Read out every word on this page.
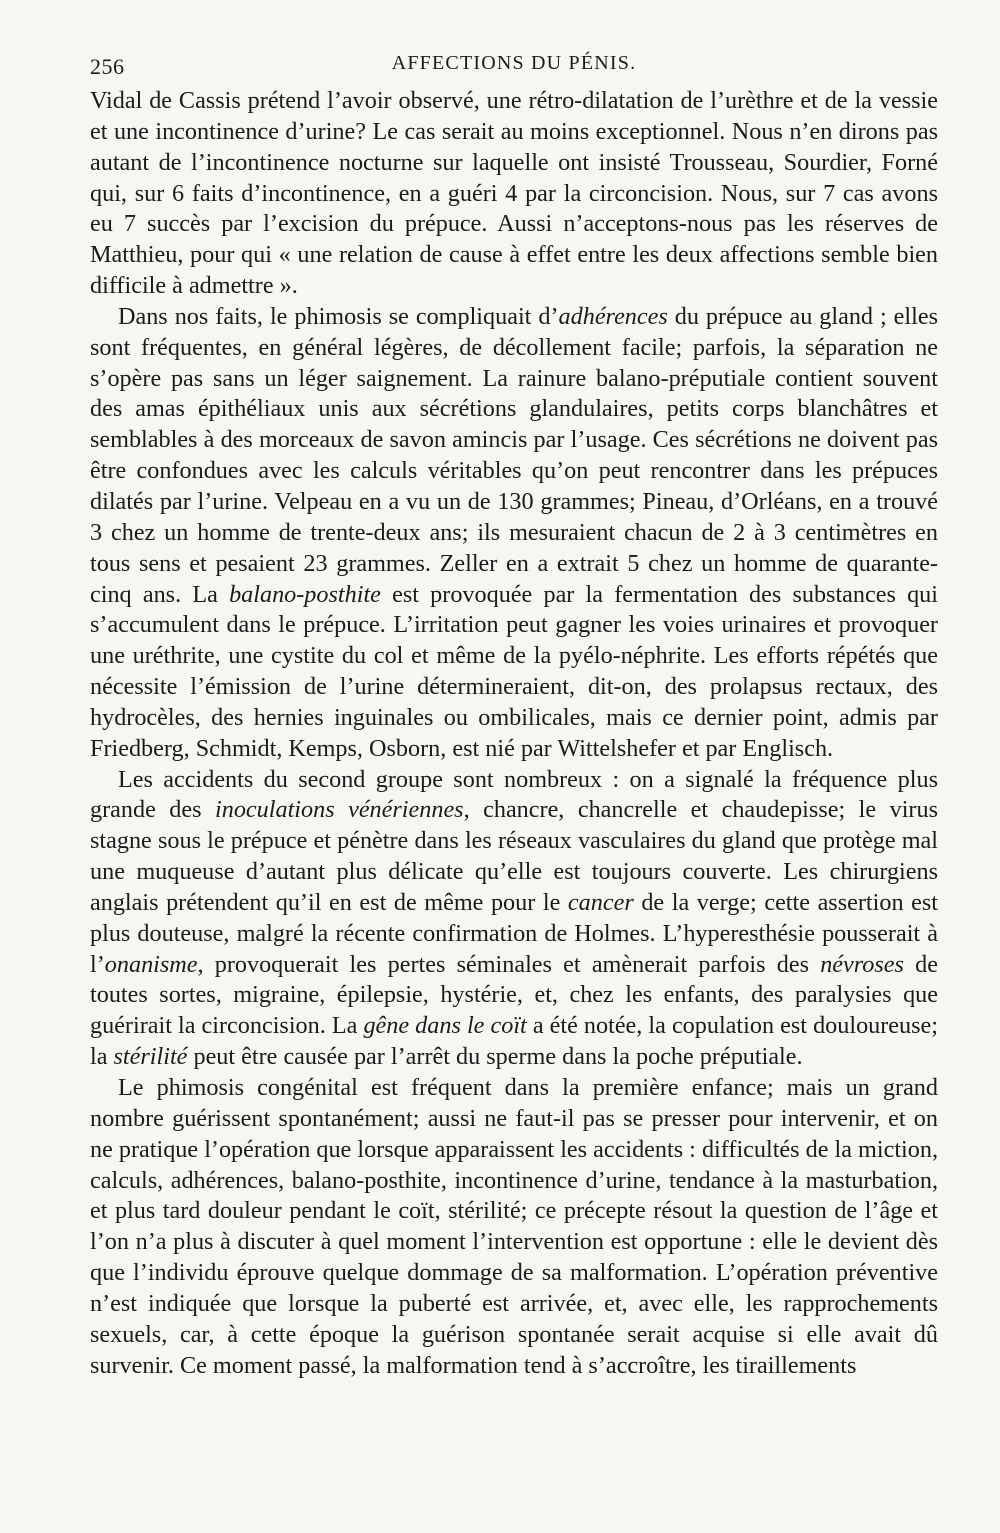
256	AFFECTIONS DU PÉNIS.

Vidal de Cassis prétend l’avoir observé, une rétro-dilatation de l’urèthre et de la vessie et une incontinence d’urine? Le cas serait au moins exceptionnel. Nous n’en dirons pas autant de l’incontinence nocturne sur laquelle ont insisté Trousseau, Sourdier, Forné qui, sur 6 faits d’incontinence, en a guéri 4 par la circoncision. Nous, sur 7 cas avons eu 7 succès par l’excision du prépuce. Aussi n’acceptons-nous pas les réserves de Matthieu, pour qui « une relation de cause à effet entre les deux affections semble bien difficile à admettre ».

Dans nos faits, le phimosis se compliquait d’adhérences du prépuce au gland ; elles sont fréquentes, en général légères, de décollement facile; parfois, la séparation ne s’opère pas sans un léger saignement. La rainure balano-préputiale contient souvent des amas épithéliaux unis aux sécrétions glandulaires, petits corps blanchâtres et semblables à des morceaux de savon amincis par l’usage. Ces sécrétions ne doivent pas être confondues avec les calculs véritables qu’on peut rencontrer dans les prépuces dilatés par l’urine. Velpeau en a vu un de 130 grammes; Pineau, d’Orléans, en a trouvé 3 chez un homme de trente-deux ans; ils mesuraient chacun de 2 à 3 centimètres en tous sens et pesaient 23 grammes. Zeller en a extrait 5 chez un homme de quarante-cinq ans. La balano-posthite est provoquée par la fermentation des substances qui s’accumulent dans le prépuce. L’irritation peut gagner les voies urinaires et provoquer une uréthrite, une cystite du col et même de la pyélo-néphrite. Les efforts répétés que nécessite l’émission de l’urine détermineraient, dit-on, des prolapsus rectaux, des hydrocèles, des hernies inguinales ou ombilicales, mais ce dernier point, admis par Friedberg, Schmidt, Kemps, Osborn, est nié par Wittelshefer et par Englisch.

Les accidents du second groupe sont nombreux : on a signalé la fréquence plus grande des inoculations vénériennes, chancre, chancrelle et chaudepisse; le virus stagne sous le prépuce et pénètre dans les réseaux vasculaires du gland que protège mal une muqueuse d’autant plus délicate qu’elle est toujours couverte. Les chirurgiens anglais prétendent qu’il en est de même pour le cancer de la verge; cette assertion est plus douteuse, malgré la récente confirmation de Holmes. L’hyperesthésie pousserait à l’onanisme, provoquerait les pertes séminales et amènerait parfois des névroses de toutes sortes, migraine, épilepsie, hystérie, et, chez les enfants, des paralysies que guérirait la circoncision. La gêne dans le coït a été notée, la copulation est douloureuse; la stérilité peut être causée par l’arrêt du sperme dans la poche préputiale.

Le phimosis congénital est fréquent dans la première enfance; mais un grand nombre guérissent spontanément; aussi ne faut-il pas se presser pour intervenir, et on ne pratique l’opération que lorsque apparaissent les accidents : difficultés de la miction, calculs, adhérences, balano-posthite, incontinence d’urine, tendance à la masturbation, et plus tard douleur pendant le coït, stérilité; ce précepte résout la question de l’âge et l’on n’a plus à discuter à quel moment l’intervention est opportune : elle le devient dès que l’individu éprouve quelque dommage de sa malformation. L’opération préventive n’est indiquée que lorsque la puberté est arrivée, et, avec elle, les rapprochements sexuels, car, à cette époque la guérison spontanée serait acquise si elle avait dû survenir. Ce moment passé, la malformation tend à s’accroître, les tiraillements
